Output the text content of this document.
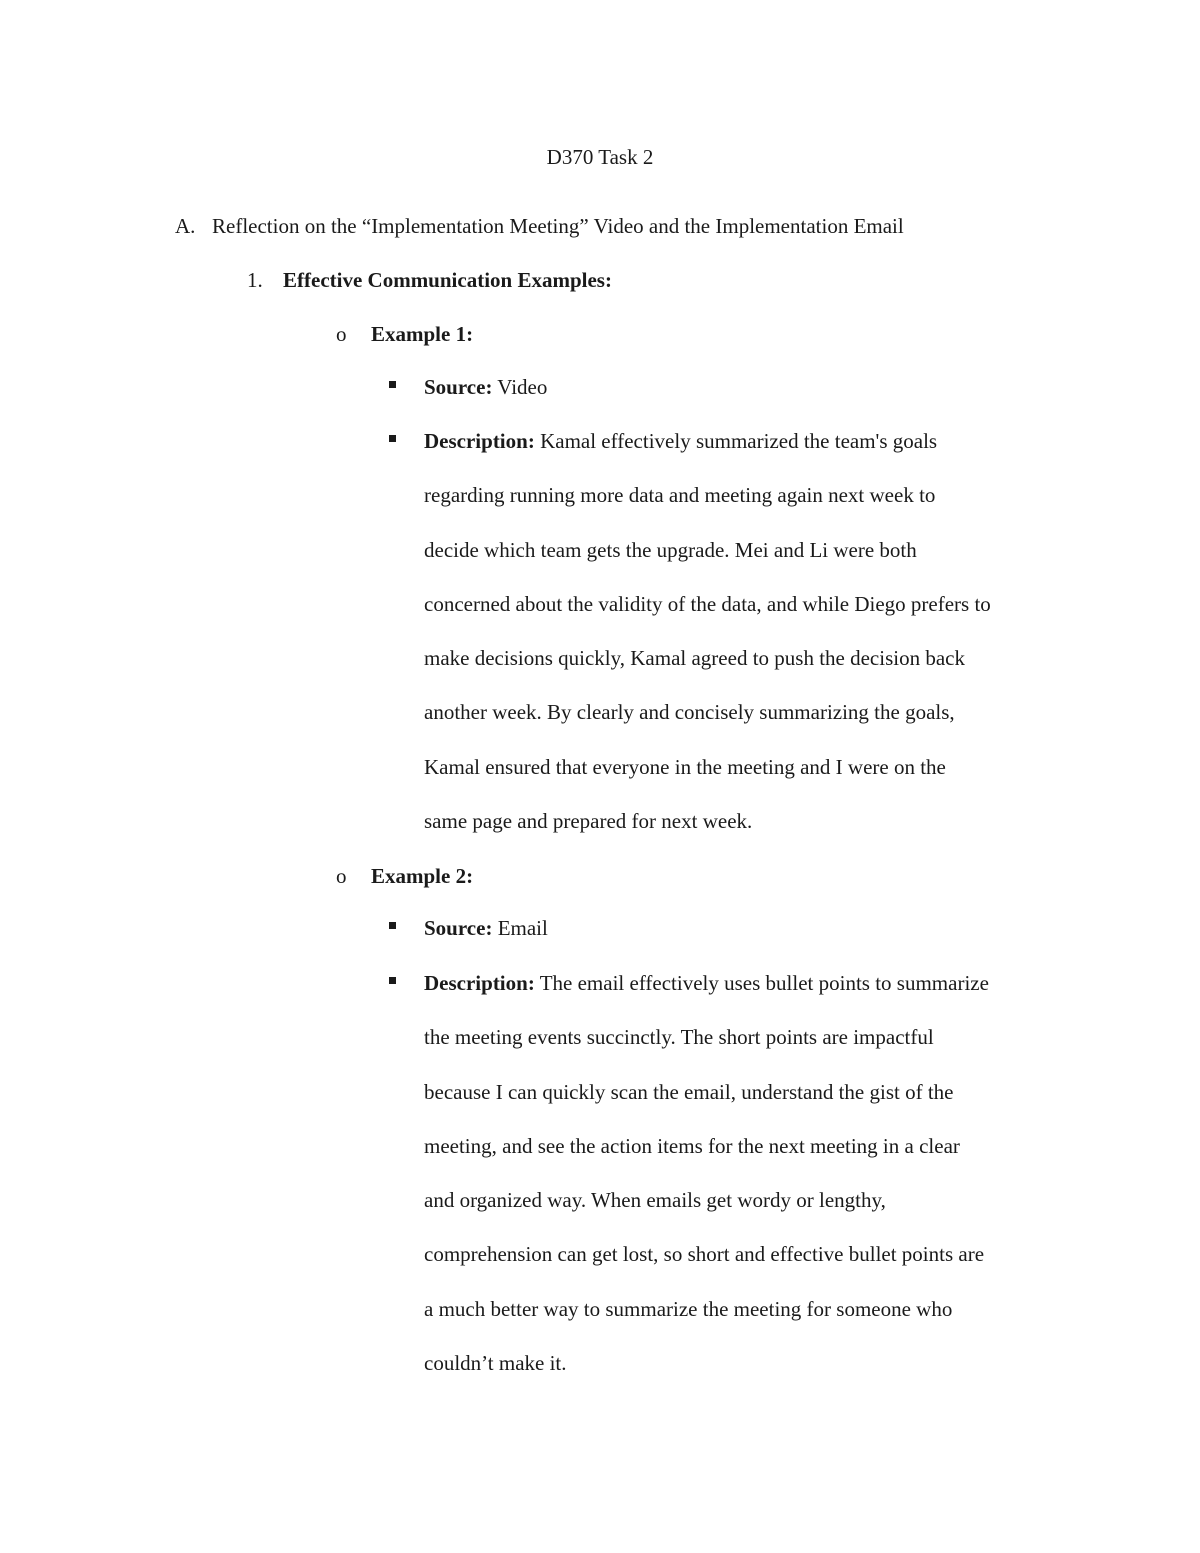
D370 Task 2
A. Reflection on the “Implementation Meeting” Video and the Implementation Email
1. Effective Communication Examples:
o Example 1:
Source: Video
Description: Kamal effectively summarized the team's goals
regarding running more data and meeting again next week to
decide which team gets the upgrade. Mei and Li were both
concerned about the validity of the data, and while Diego prefers to
make decisions quickly, Kamal agreed to push the decision back
another week. By clearly and concisely summarizing the goals,
Kamal ensured that everyone in the meeting and I were on the
same page and prepared for next week.
o Example 2:
Source: Email
Description: The email effectively uses bullet points to summarize
the meeting events succinctly. The short points are impactful
because I can quickly scan the email, understand the gist of the
meeting, and see the action items for the next meeting in a clear
and organized way. When emails get wordy or lengthy,
comprehension can get lost, so short and effective bullet points are
a much better way to summarize the meeting for someone who
couldn’t make it.
